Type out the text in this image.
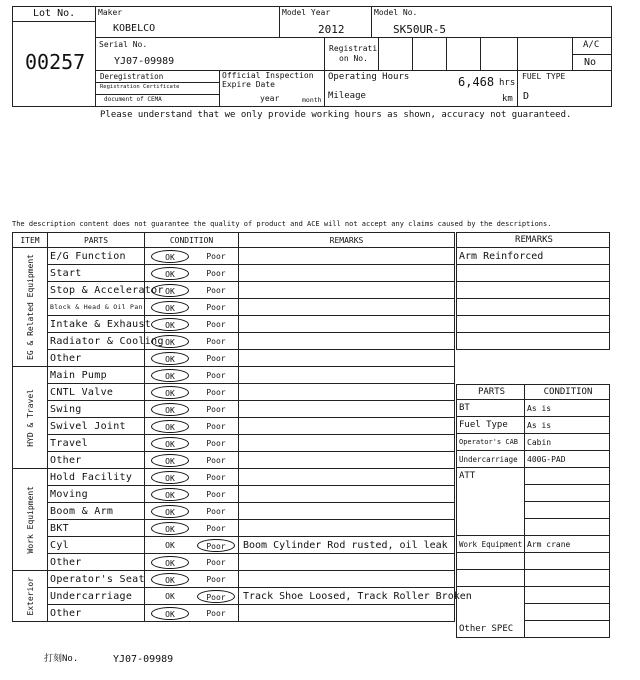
Lot No.
00257
Maker
KOBELCO
Model Year
2012
Model No.
SK50UR-5
Serial No.
YJ07-09989
Registrati
on No.
A/C
No
Deregistration
Registration Certificate
document of CEMA
Official Inspection
Expire Date
year	month
Operating Hours	6,468 hrs
Mileage	km
FUEL TYPE
D
Please understand that we only provide working hours as shown, accuracy not guaranteed.
The description content does not guarantee the quality of product and ACE will not accept any claims caused by the descriptions.
ITEM	PARTS	CONDITION	REMARKS

EG & Related Equipment	E/G Function	OK Poor	

	Start	OK Poor	

	Stop & Accelerator	OK Poor	

	Block & Head & Oil Pan	OK Poor	

	Intake & Exhaust	OK Poor	

	Radiator & Cooling	OK Poor	

	Other	OK Poor	

HYD & Travel	Main Pump	OK Poor	

	CNTL Valve	OK Poor	

	Swing	OK Poor	

	Swivel Joint	OK Poor	

	Travel	OK Poor	

	Other	OK Poor	

Work Equipment	Hold Facility	OK Poor	

	Moving	OK Poor	

	Boom & Arm	OK Poor	

	BKT	OK Poor	

	Cyl	OK Poor	Boom Cylinder Rod rusted, oil leak
	Other	OK Poor	

Exterior	Operator's Seat	OK Poor	

	Undercarriage	OK Poor	Track Shoe Loosed, Track Roller Broken
	Other	OK Poor	

REMARKS
Arm Reinforced

PARTS	CONDITION
BT	As is
Fuel Type	As is
Operator's CAB	Cabin
Undercarriage	400G-PAD
ATT	

Work Equipment	Arm crane

Other SPEC	

打刻No.	YJ07-09989
